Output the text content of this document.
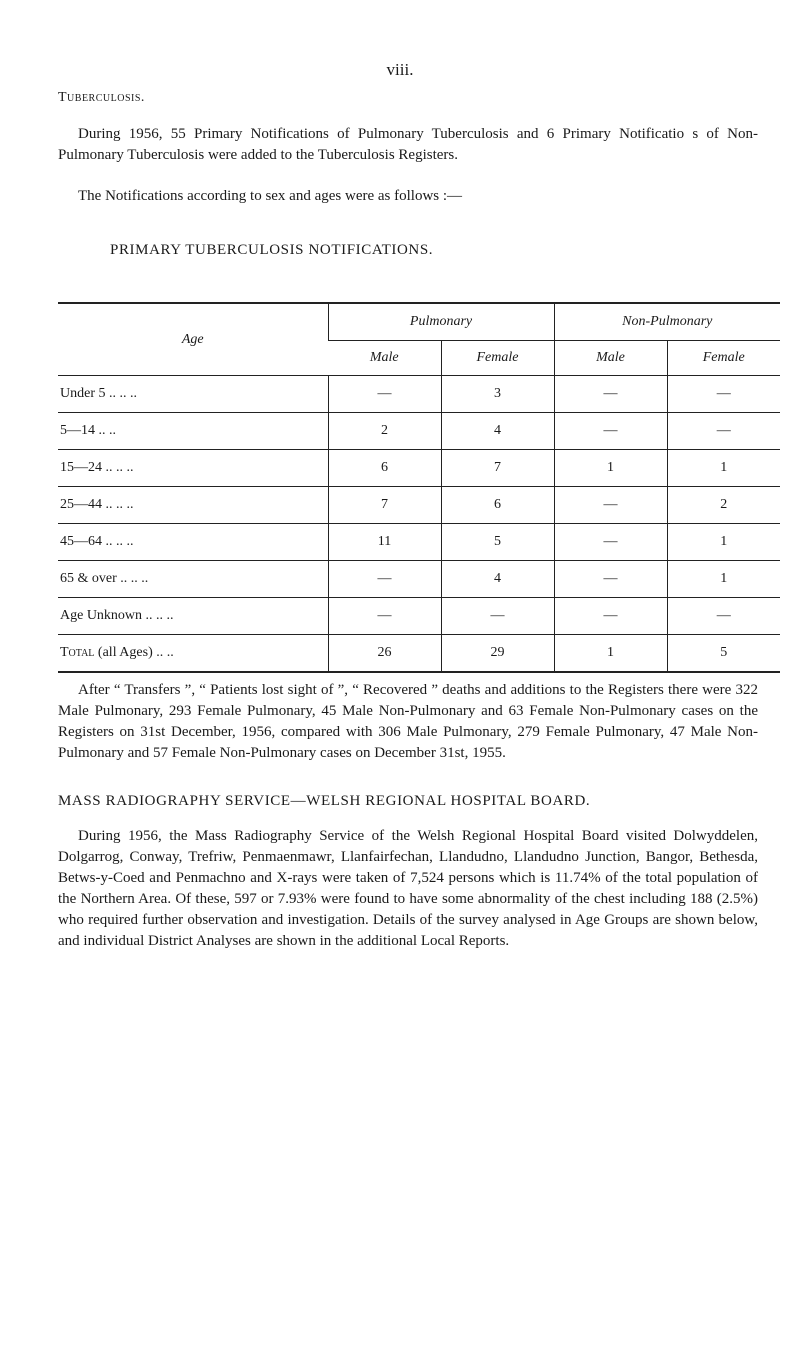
viii.
Tuberculosis.

During 1956, 55 Primary Notifications of Pulmonary Tuberculosis and 6 Primary Notificatio s of Non-Pulmonary Tuberculosis were added to the Tuberculosis Registers.

The Notifications according to sex and ages were as follows :—

PRIMARY TUBERCULOSIS NOTIFICATIONS.
Age	Pulmonary		Non-Pulmonary	
	Male	Female	Male	Female
Under 5 .. .. ..	—	3	—	—
5—14 .. ..	2	4	—	—
15—24 .. .. ..	6	7	1	1
25—44 .. .. ..	7	6	—	2
45—64 .. .. ..	11	5	—	1
65 & over .. .. ..	—	4	—	1
Age Unknown .. .. ..	—	—	—	—
Total (all Ages) .. ..	26	29	1	5

After “ Transfers ”, “ Patients lost sight of ”, “ Recovered ” deaths and additions to the Registers there were 322 Male Pulmonary, 293 Female Pulmonary, 45 Male Non-Pulmonary and 63 Female Non-Pulmonary cases on the Registers on 31st December, 1956, compared with 306 Male Pulmonary, 279 Female Pulmonary, 47 Male Non-Pulmonary and 57 Female Non-Pulmonary cases on December 31st, 1955.

MASS RADIOGRAPHY SERVICE—WELSH REGIONAL HOSPITAL BOARD.

During 1956, the Mass Radiography Service of the Welsh Regional Hospital Board visited Dolwyddelen, Dolgarrog, Conway, Trefriw, Penmaenmawr, Llanfairfechan, Llandudno, Llandudno Junction, Bangor, Bethesda, Betws-y-Coed and Penmachno and X-rays were taken of 7,524 persons which is 11.74% of the total population of the Northern Area. Of these, 597 or 7.93% were found to have some abnormality of the chest including 188 (2.5%) who required further observation and investigation. Details of the survey analysed in Age Groups are shown below, and individual District Analyses are shown in the additional Local Reports.
